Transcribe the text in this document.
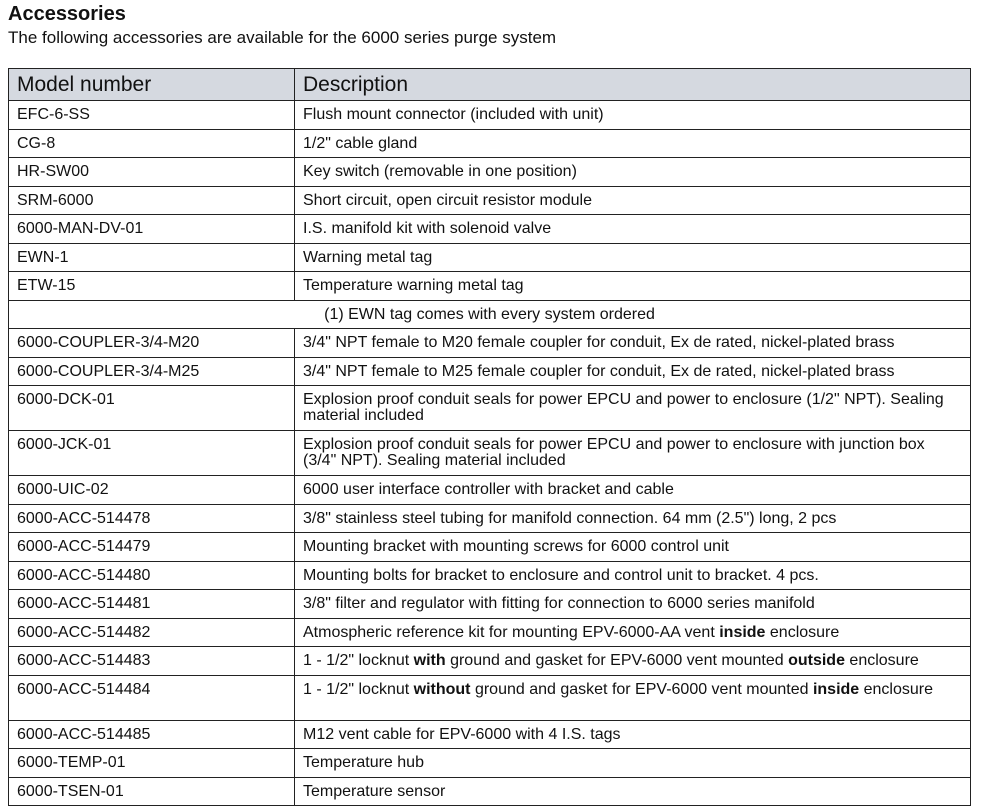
Accessories
The following accessories are available for the 6000 series purge system
Model number	Description
EFC-6-SS	Flush mount connector (included with unit)
CG-8	1/2" cable gland
HR-SW00	Key switch (removable in one position)
SRM-6000	Short circuit, open circuit resistor module
6000-MAN-DV-01	I.S. manifold kit with solenoid valve
EWN-1	Warning metal tag
ETW-15	Temperature warning metal tag
(1) EWN tag comes with every system ordered	
6000-COUPLER-3/4-M20	3/4" NPT female to M20 female coupler for conduit, Ex de rated, nickel-plated brass
6000-COUPLER-3/4-M25	3/4" NPT female to M25 female coupler for conduit, Ex de rated, nickel-plated brass
6000-DCK-01	Explosion proof conduit seals for power EPCU and power to enclosure (1/2" NPT). Sealing material included
6000-JCK-01	Explosion proof conduit seals for power EPCU and power to enclosure with junction box (3/4" NPT). Sealing material included
6000-UIC-02	6000 user interface controller with bracket and cable
6000-ACC-514478	3/8" stainless steel tubing for manifold connection. 64 mm (2.5") long, 2 pcs
6000-ACC-514479	Mounting bracket with mounting screws for 6000 control unit
6000-ACC-514480	Mounting bolts for bracket to enclosure and control unit to bracket. 4 pcs.
6000-ACC-514481	3/8" filter and regulator with fitting for connection to 6000 series manifold
6000-ACC-514482	Atmospheric reference kit for mounting EPV-6000-AA vent inside enclosure
6000-ACC-514483	1 - 1/2" locknut with ground and gasket for EPV-6000 vent mounted outside enclosure
6000-ACC-514484	1 - 1/2" locknut without ground and gasket for EPV-6000 vent mounted inside enclosure
6000-ACC-514485	M12 vent cable for EPV-6000 with 4 I.S. tags
6000-TEMP-01	Temperature hub
6000-TSEN-01	Temperature sensor
